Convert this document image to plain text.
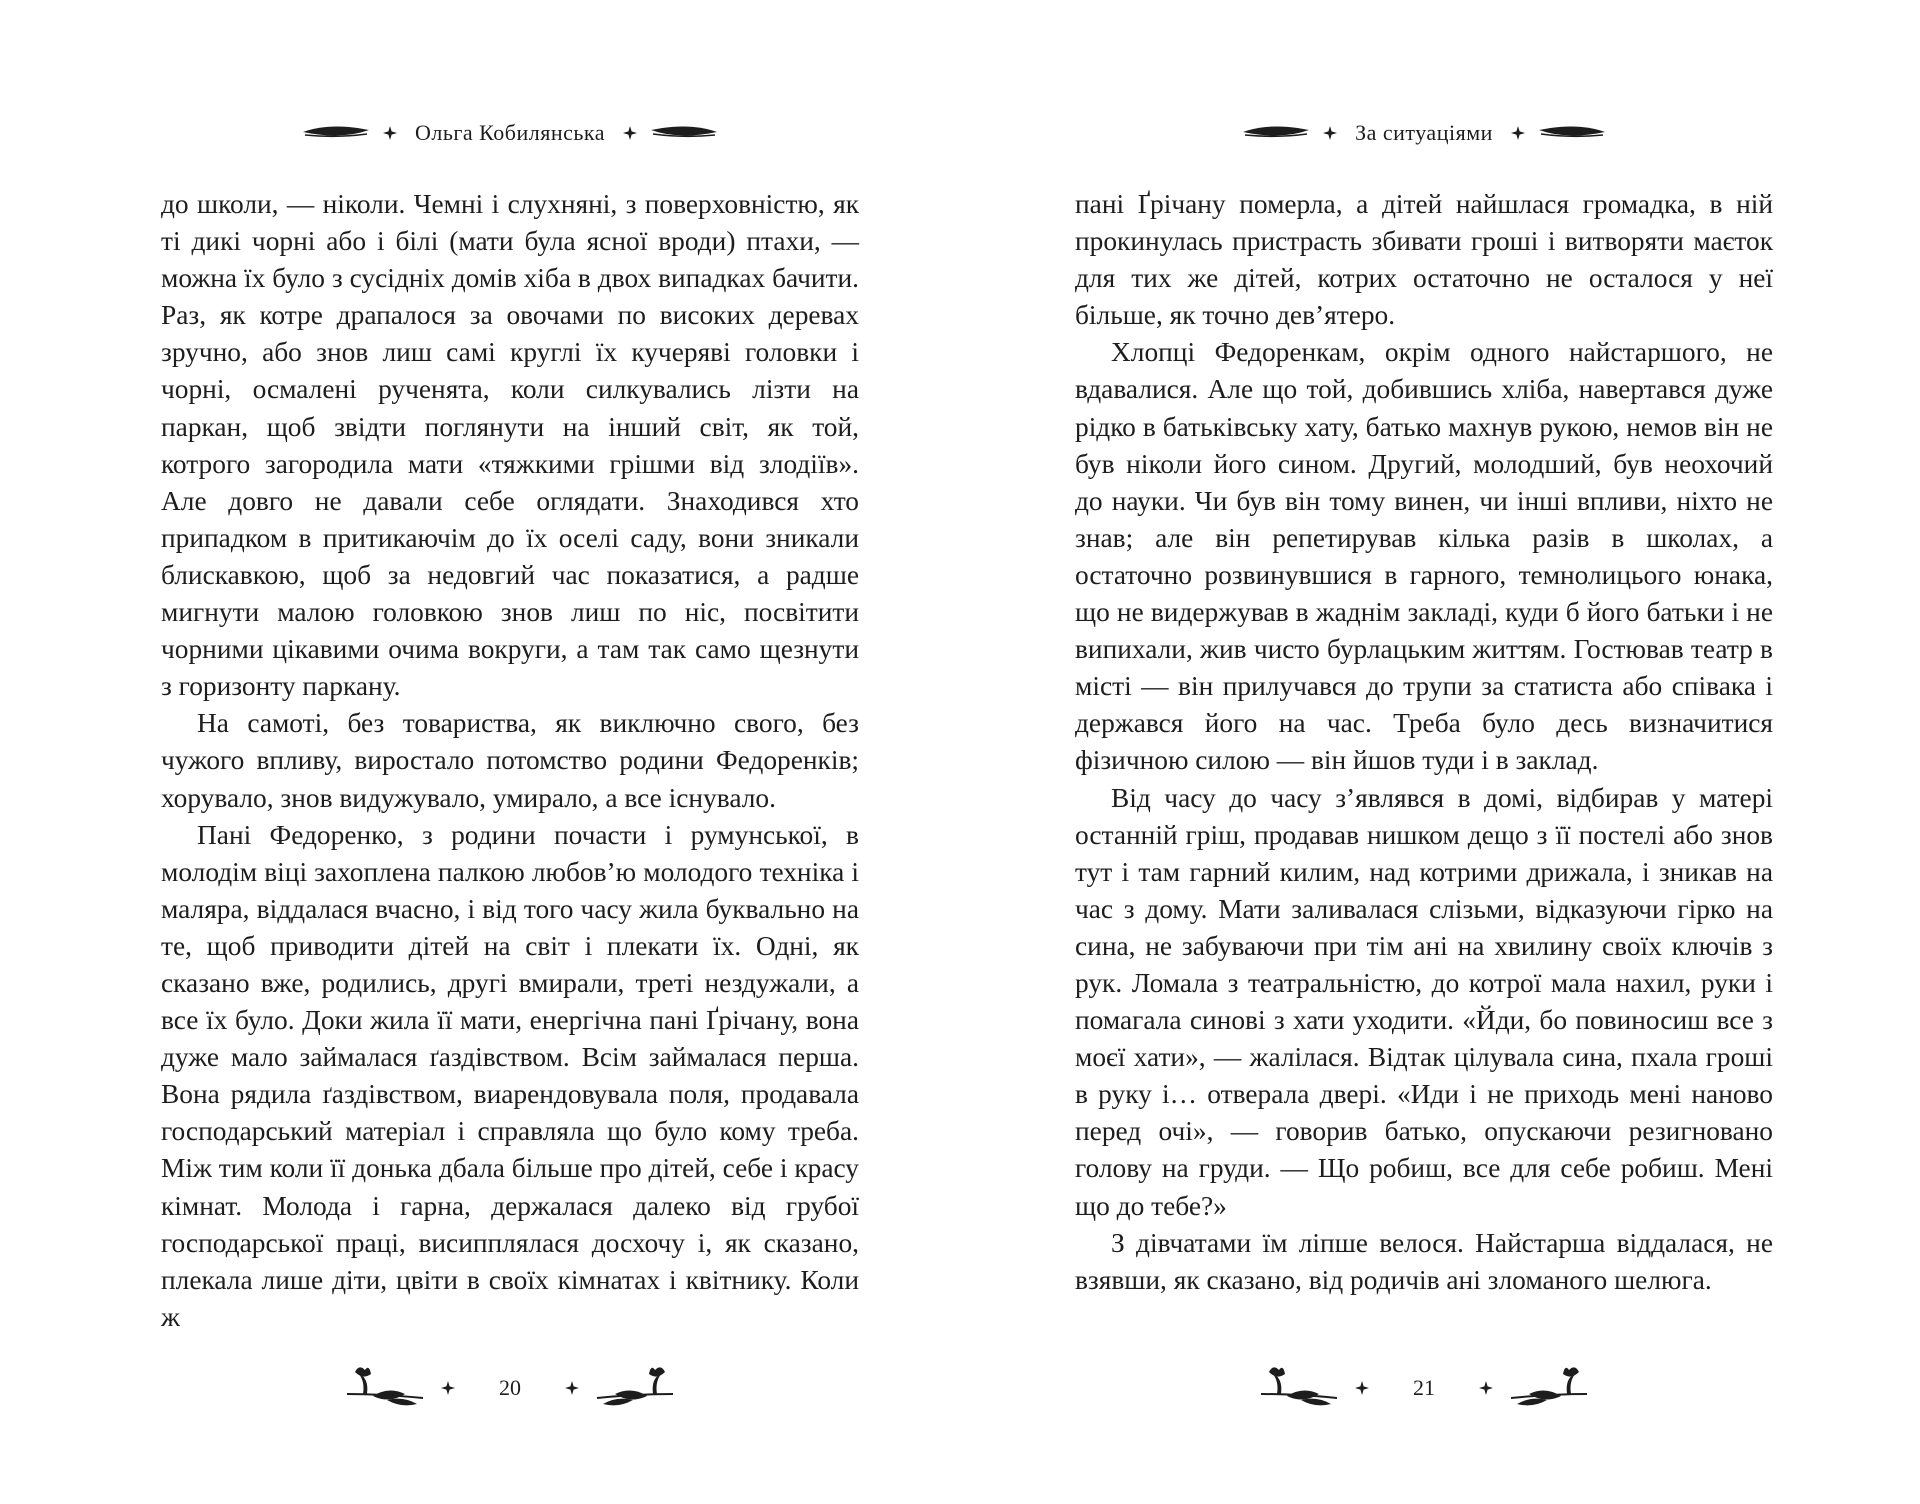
Ольга Кобилянська

до школи, — ніколи. Чемні і слухняні, з поверховністю, як ті дикі чорні або і білі (мати була ясної вроди) птахи, — можна їх було з сусідніх домів хіба в двох випадках бачити. Раз, як котре драпалося за овочами по високих деревах зручно, або знов лиш самі круглі їх кучеряві головки і чорні, осмалені рученята, коли силкувались лізти на паркан, щоб звідти поглянути на інший світ, як той, котрого загородила мати «тяжкими грішми від злодіїв». Але довго не давали себе оглядати. Знаходився хто припадком в притикаючім до їх оселі саду, вони зникали блискавкою, щоб за недовгий час показатися, а радше мигнути малою головкою знов лиш по ніс, посвітити чорними цікавими очима вокруги, а там так само щезнути з горизонту паркану.

На самоті, без товариства, як виключно свого, без чужого впливу, виростало потомство родини Федоренків; хорувало, знов видужувало, умирало, а все існувало.

Пані Федоренко, з родини почасти і румунської, в молодім віці захоплена палкою любов’ю молодого техніка і маляра, віддалася вчасно, і від того часу жила буквально на те, щоб приводити дітей на світ і плекати їх. Одні, як сказано вже, родились, другі вмирали, треті нездужали, а все їх було. Доки жила її мати, енергічна пані Ґрічану, вона дуже мало займалася ґаздівством. Всім займалася перша. Вона рядила ґаздівством, виарендовувала поля, продавала господарський матеріал і справляла що було кому треба. Між тим коли її донька дбала більше про дітей, себе і красу кімнат. Молода і гарна, держалася далеко від грубої господарської праці, висипплялася досхочу і, як сказано, плекала лише діти, цвіти в своїх кімнатах і квітнику. Коли ж

20
За ситуаціями

пані Ґрічану померла, а дітей найшлася громадка, в ній прокинулась пристрасть збивати гроші і витворяти маєток для тих же дітей, котрих остаточно не осталося у неї більше, як точно дев’ятеро.

Хлопці Федоренкам, окрім одного найстаршого, не вдавалися. Але що той, добившись хліба, навертався дуже рідко в батьківську хату, батько махнув рукою, немов він не був ніколи його сином. Другий, молодший, був неохочий до науки. Чи був він тому винен, чи інші впливи, ніхто не знав; але він репетирував кілька разів в школах, а остаточно розвинувшися в гарного, темнолицього юнака, що не видержував в жаднім закладі, куди б його батьки і не випихали, жив чисто бурлацьким життям. Гостював театр в місті — він прилучався до трупи за статиста або співака і держався його на час. Треба було десь визначитися фізичною силою — він йшов туди і в заклад.

Від часу до часу з’являвся в домі, відбирав у матері останній гріш, продавав нишком дещо з її постелі або знов тут і там гарний килим, над котрими дрижала, і зникав на час з дому. Мати заливалася слізьми, відказуючи гірко на сина, не забуваючи при тім ані на хвилину своїх ключів з рук. Ломала з театральністю, до котрої мала нахил, руки і помагала синові з хати уходити. «Йди, бо повиносиш все з моєї хати», — жалілася. Відтак цілувала сина, пхала гроші в руку і… отверала двері. «Иди і не приходь мені наново перед очі», — говорив батько, опускаючи резигновано голову на груди. — Що робиш, все для себе робиш. Мені що до тебе?»

З дівчатами їм ліпше велося. Найстарша віддалася, не взявши, як сказано, від родичів ані зломаного шелюга.

21
